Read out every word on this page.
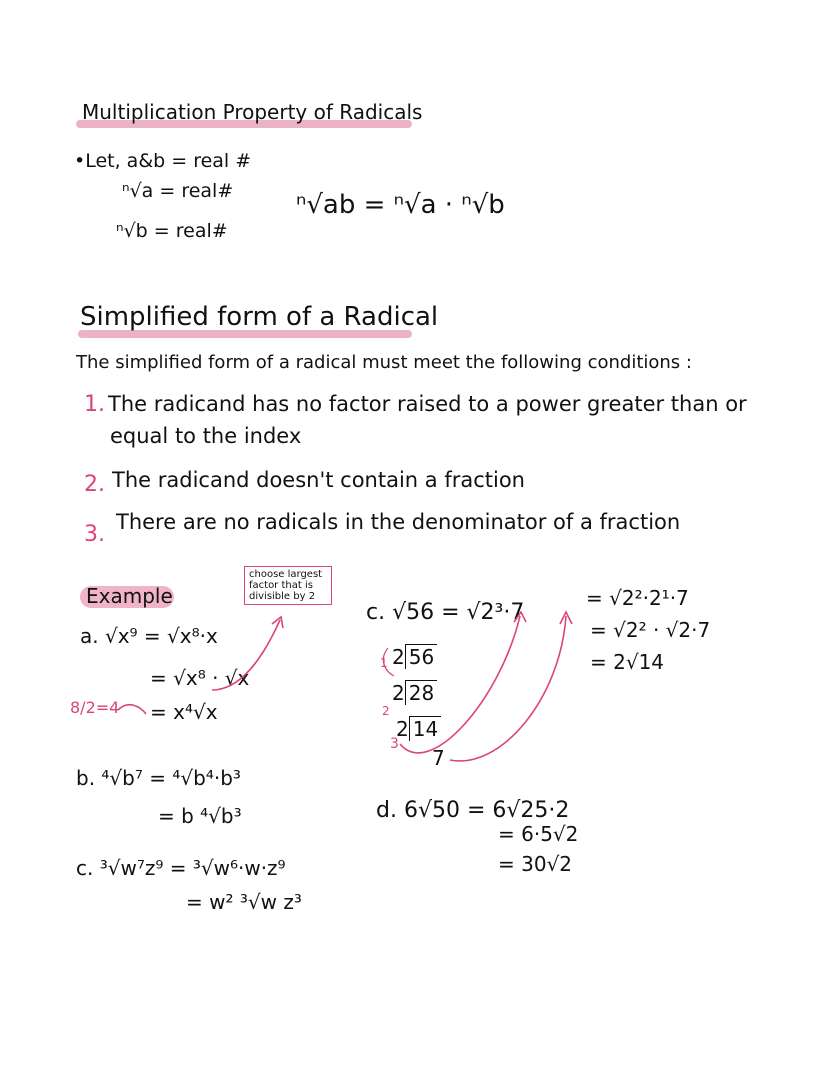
Multiplication Property of Radicals
•Let, a&b = real #
ⁿ√a = real#
ⁿ√b = real#
ⁿ√ab = ⁿ√a · ⁿ√b
Simplified form of a Radical
The simplified form of a radical must meet the following conditions :
1. The radicand has no factor raised to a power greater than or
equal to the index
2. The radicand doesn't contain a fraction
3. There are no radicals in the denominator of a fraction
Example
choose largest factor that is divisible by 2
a. √x⁹ = √x⁸·x
= √x⁸ · √x
= x⁴√x
8/2=4
b. ⁴√b⁷ = ⁴√b⁴·b³
= b ⁴√b³
c. ³√w⁷z⁹ = ³√w⁶·w·z⁹
= w² ³√w z³
c. √56 = √2³·7
= √2²·2¹·7
= √2² · √2·7
= 2√14
1 2 56
2
2 28
3
2 14
7
d. 6√50 = 6√25·2
= 6·5√2
= 30√2
